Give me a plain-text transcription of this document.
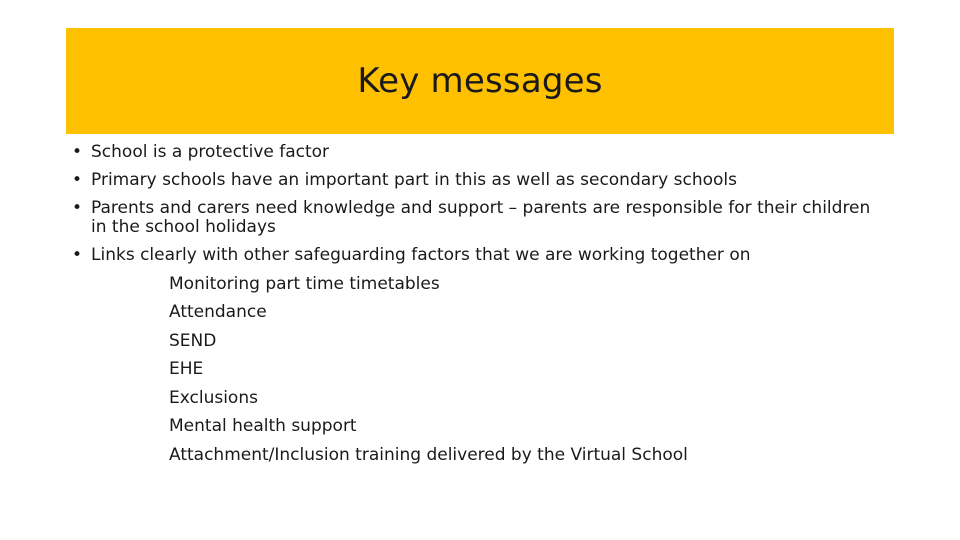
Key messages
• School is a protective factor
• Primary schools have an important part in this as well as secondary schools
• Parents and carers need knowledge and support – parents are responsible for their children in the school holidays
• Links clearly with other safeguarding factors that we are working together on
Monitoring part time timetables
Attendance
SEND
EHE
Exclusions
Mental health support
Attachment/Inclusion training delivered by the Virtual School
